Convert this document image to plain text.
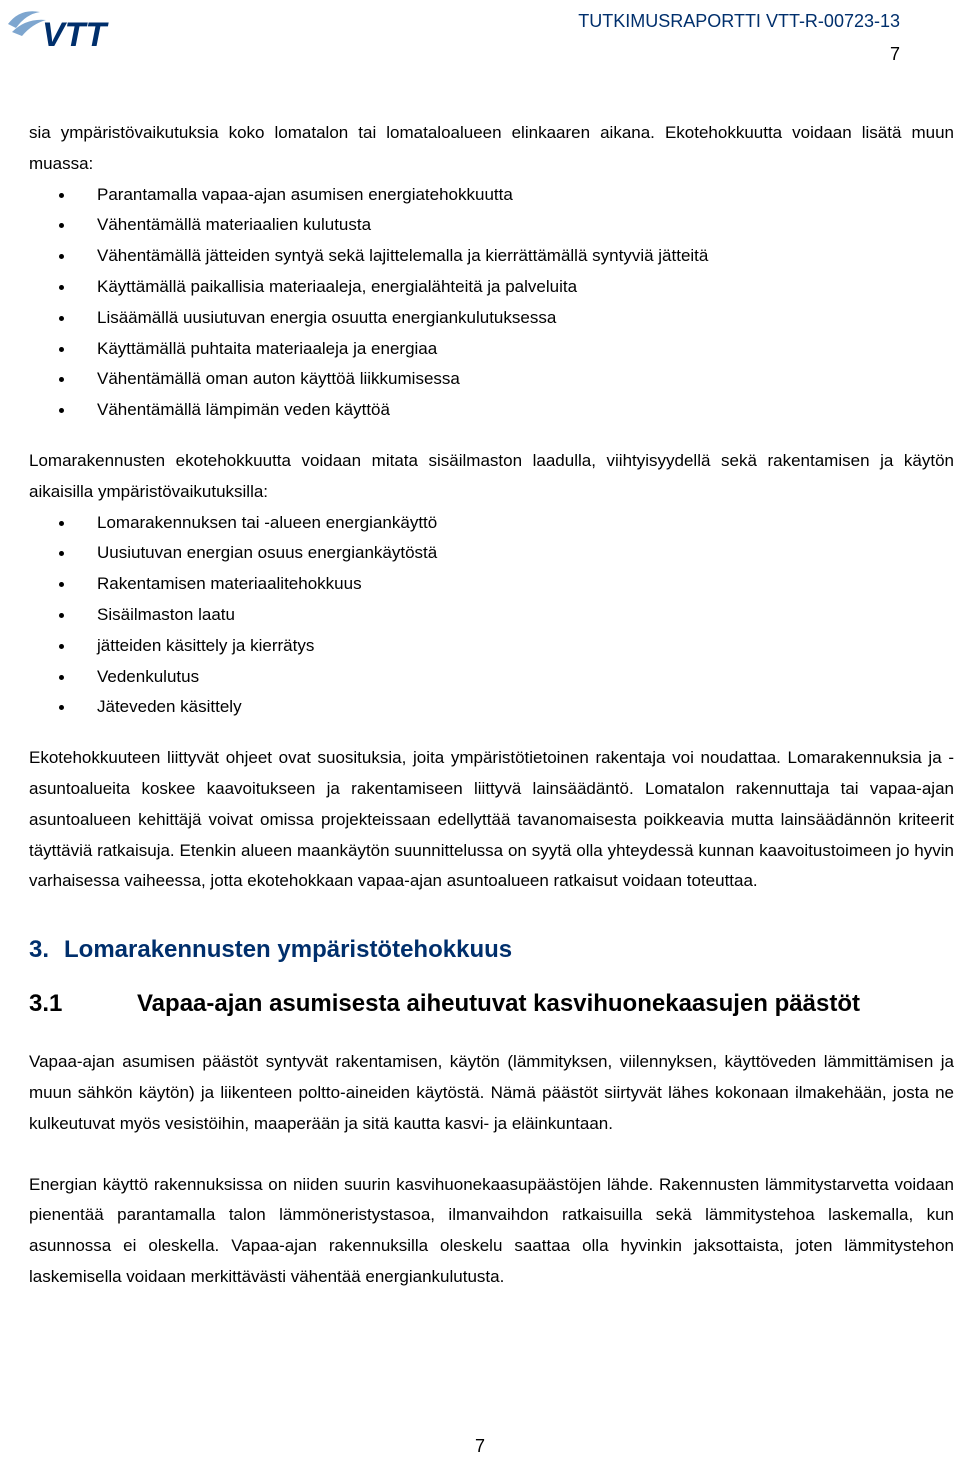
VTT	TUTKIMUSRAPORTTI VTT-R-00723-13
7

sia ympäristövaikutuksia koko lomatalon tai lomataloalueen elinkaaren aikana. Ekotehokkuutta voidaan lisätä muun muassa:

Parantamalla vapaa-ajan asumisen energiatehokkuutta
Vähentämällä materiaalien kulutusta
Vähentämällä jätteiden syntyä sekä lajittelemalla ja kierrättämällä syntyviä jätteitä
Käyttämällä paikallisia materiaaleja, energialähteitä ja palveluita
Lisäämällä uusiutuvan energia osuutta energiankulutuksessa
Käyttämällä puhtaita materiaaleja ja energiaa
Vähentämällä oman auton käyttöä liikkumisessa
Vähentämällä lämpimän veden käyttöä

Lomarakennusten ekotehokkuutta voidaan mitata sisäilmaston laadulla, viihtyisyydellä sekä rakentamisen ja käytön aikaisilla ympäristövaikutuksilla:

Lomarakennuksen tai -alueen energiankäyttö
Uusiutuvan energian osuus energiankäytöstä
Rakentamisen materiaalitehokkuus
Sisäilmaston laatu
jätteiden käsittely ja kierrätys
Vedenkulutus
Jäteveden käsittely

Ekotehokkuuteen liittyvät ohjeet ovat suosituksia, joita ympäristötietoinen rakentaja voi noudattaa. Lomarakennuksia ja -asuntoalueita koskee kaavoitukseen ja rakentamiseen liittyvä lainsäädäntö. Lomatalon rakennuttaja tai vapaa-ajan asuntoalueen kehittäjä voivat omissa projekteissaan edellyttää tavanomaisesta poikkeavia mutta lainsäädännön kriteerit täyttäviä ratkaisuja. Etenkin alueen maankäytön suunnittelussa on syytä olla yhteydessä kunnan kaavoitustoimeen jo hyvin varhaisessa vaiheessa, jotta ekotehokkaan vapaa-ajan asuntoalueen ratkaisut voidaan toteuttaa.

3. Lomarakennusten ympäristötehokkuus
3.1	Vapaa-ajan asumisesta aiheutuvat kasvihuonekaasujen päästöt

Vapaa-ajan asumisen päästöt syntyvät rakentamisen, käytön (lämmityksen, viilennyksen, käyttöveden lämmittämisen ja muun sähkön käytön) ja liikenteen poltto-aineiden käytöstä. Nämä päästöt siirtyvät lähes kokonaan ilmakehään, josta ne kulkeutuvat myös vesistöihin, maaperään ja sitä kautta kasvi- ja eläinkuntaan.

Energian käyttö rakennuksissa on niiden suurin kasvihuonekaasupäästöjen lähde. Rakennusten lämmitystarvetta voidaan pienentää parantamalla talon lämmöneristystasoa, ilmanvaihdon ratkaisuilla sekä lämmitystehoa laskemalla, kun asunnossa ei oleskella. Vapaa-ajan rakennuksilla oleskelu saattaa olla hyvinkin jaksottaista, joten lämmitystehon laskemisella voidaan merkittävästi vähentää energiankulutusta.

7
